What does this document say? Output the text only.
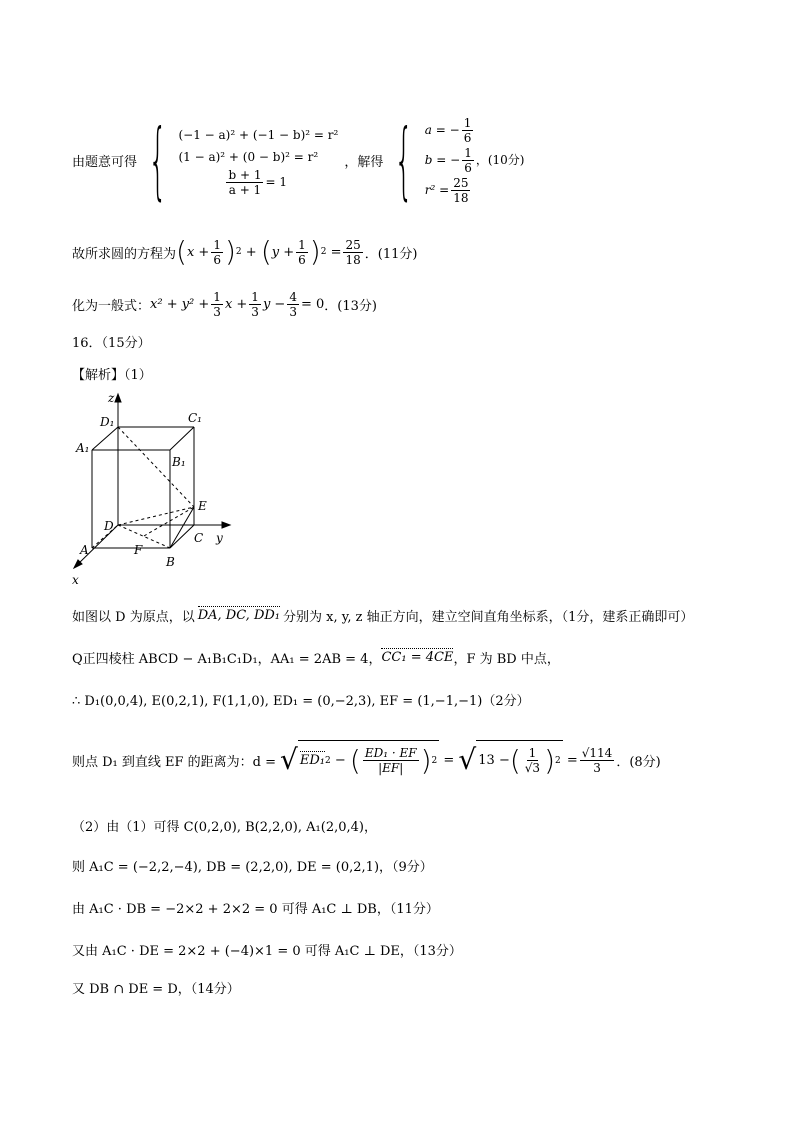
由题意可得 { (−1 − a)² + (−1 − b)² = r²
(1 − a)² + (0 − b)² = r²
$\frac{b + 1}{a + 1} = 1$
，解得 { a = − $\frac{1}{6}$
b = − $\frac{1}{6}$ ，(10分)
$r^2 = \frac{25}{18}$
故所求圆的方程为 ( $x + \frac{1}{6}$ ) 2 + ( $y + \frac{1}{6}$ ) $2 = \frac{25}{18}$ ．(11分)
化为一般式： $x^2 + y^2 + \frac{1}{3}$ $x + \frac{1}{3}$ $y - \frac{4}{3} = 0$ ．(13分)
16．（15分）
【解析】（1）
z
y
x
D₁	C₁
A₁
B₁
D
C
A
B
E
F
如图以 D 为原点，以 DA, DC, DD₁ 分别为 x, y, z 轴正方向，建立空间直角坐标系，（1分，建系正确即可）
Q正四棱柱 ABCD − A₁B₁C₁D₁，AA₁ = 2AB = 4， CC₁ = 4CE ，F 为 BD 中点，
∴ D₁(0,0,4), E(0,2,1), F(1,1,0), ED₁ = (0,−2,3), EF = (1,−1,−1)（2分）
则点 D₁ 到直线 EF 的距离为：d = √ ED₁ 2 − ( $\frac{\text{ED₁ · EF}}{|EF|}$ ) 2 = √ 13 − ( $\frac{1}{√3}$ ) $2 = \frac{√114}{3}$ ．(8分)
（2）由（1）可得 C(0,2,0), B(2,2,0), A₁(2,0,4)，
则 A₁C = (−2,2,−4), DB = (2,2,0), DE = (0,2,1)，（9分）
由 A₁C · DB = −2×2 + 2×2 = 0 可得 A₁C ⊥ DB，（11分）
又由 A₁C · DE = 2×2 + (−4)×1 = 0 可得 A₁C ⊥ DE，（13分）
又 DB ∩ DE = D，（14分）
